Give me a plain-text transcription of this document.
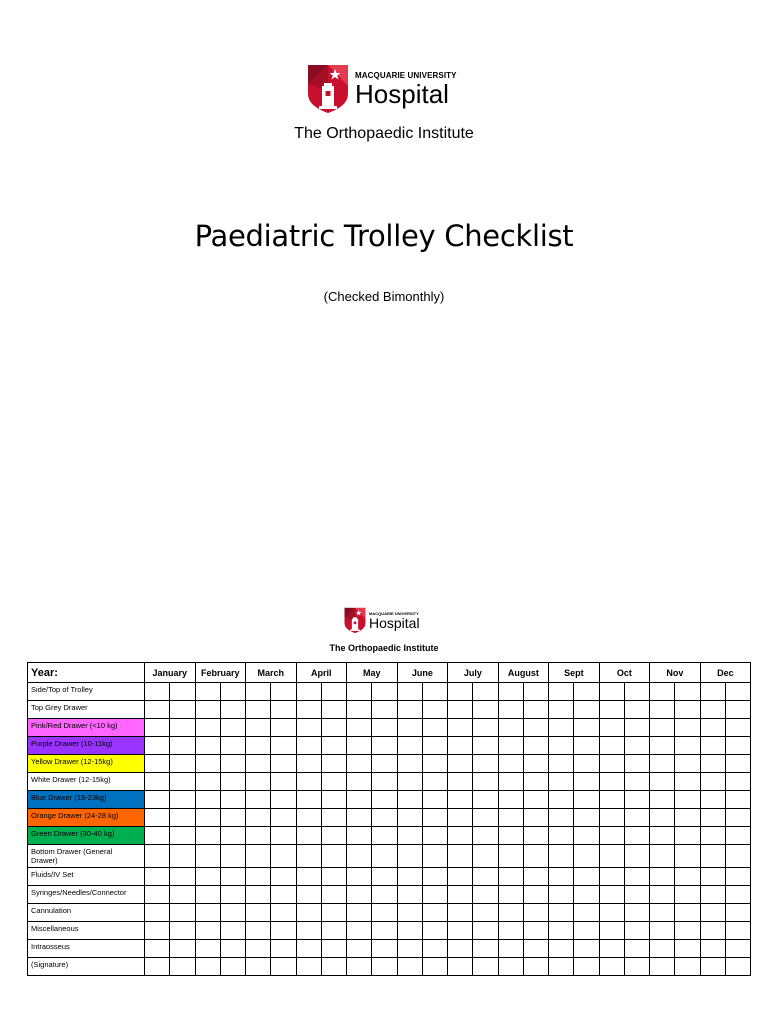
MACQUARIE UNIVERSITY
Hospital
The Orthopaedic Institute
Paediatric Trolley Checklist
(Checked Bimonthly)
MACQUARIE UNIVERSITY
Hospital
The Orthopaedic Institute
Year:	January		February		March		April		May		June		July		August		Sept		Oct		Nov		Dec	
Side/Top of Trolley																								
Top Grey Drawer																								
Pink/Red Drawer (<10 kg)																								
Purple Drawer (10-11kg)																								
Yellow Drawer (12-15kg)																								
White Drawer (12-15kg)																								
Blue Drawer (19-23kg)																								
Orange Drawer (24-28 kg)																								
Green Drawer (30-40 kg)																								
Bottom Drawer (General Drawer)																								
Fluids/IV Set																								
Syringes/Needles/Connector																								
Cannulation																								
Miscellaneous																								
Intraosseus																								
(Signature)																								
